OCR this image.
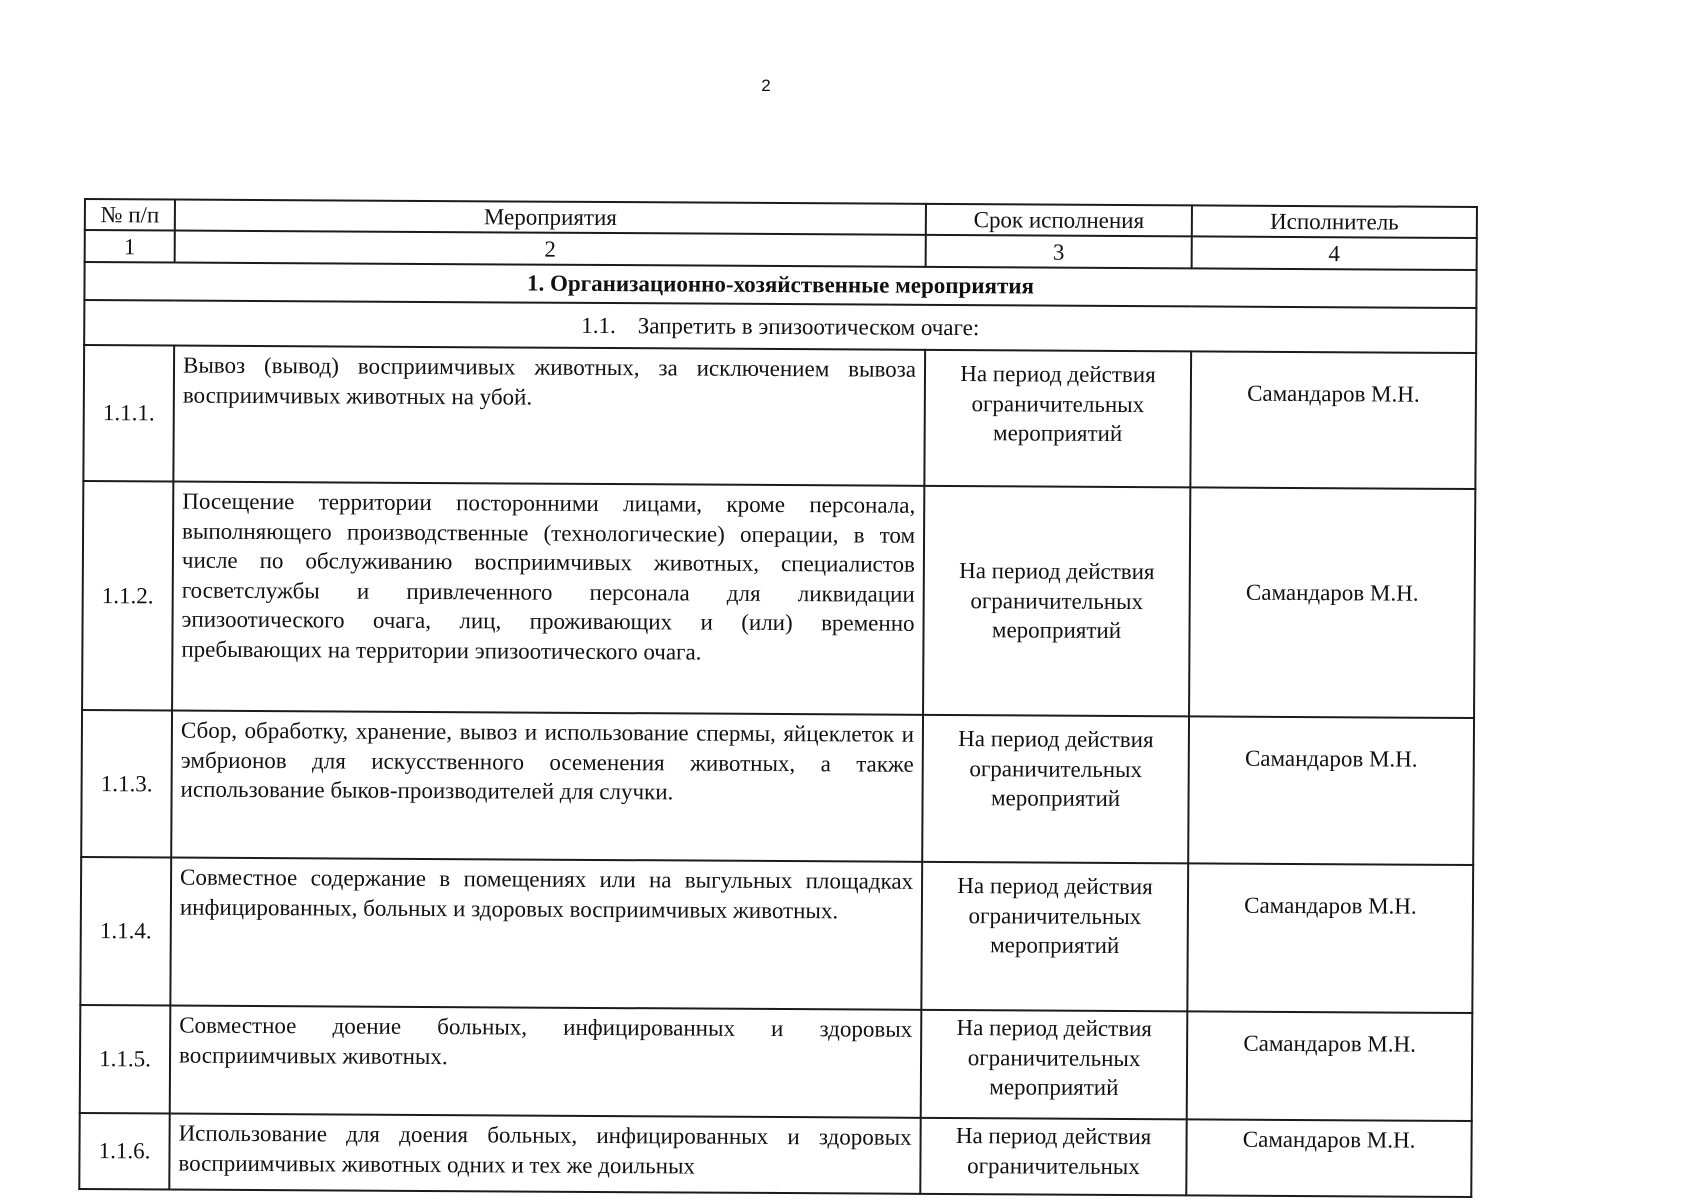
2
№ п/п	Мероприятия	Срок исполнения	Исполнитель
1	2	3	4
1. Организационно-хозяйственные мероприятия			
1.1. Запретить в эпизоотическом очаге:			
1.1.1.	Вывоз (вывод) восприимчивых животных, за исключением вывоза восприимчивых животных на убой.	На период действия ограничительных мероприятий	Самандаров М.Н.
1.1.2.	Посещение территории посторонними лицами, кроме персонала, выполняющего производственные (технологические) операции, в том числе по обслуживанию восприимчивых животных, специалистов госветслужбы и привлеченного персонала для ликвидации эпизоотического очага, лиц, проживающих и (или) временно пребывающих на территории эпизоотического очага.	На период действия ограничительных мероприятий	Самандаров М.Н.
1.1.3.	Сбор, обработку, хранение, вывоз и использование спермы, яйцеклеток и эмбрионов для искусственного осеменения животных, а также использование быков-производителей для случки.	На период действия ограничительных мероприятий	Самандаров М.Н.
1.1.4.	Совместное содержание в помещениях или на выгульных площадках инфицированных, больных и здоровых восприимчивых животных.	На период действия ограничительных мероприятий	Самандаров М.Н.
1.1.5.	Совместное доение больных, инфицированных и здоровых восприимчивых животных.	На период действия ограничительных мероприятий	Самандаров М.Н.
1.1.6.	Использование для доения больных, инфицированных и здоровых восприимчивых животных одних и тех же доильных	На период действия ограничительных	Самандаров М.Н.
